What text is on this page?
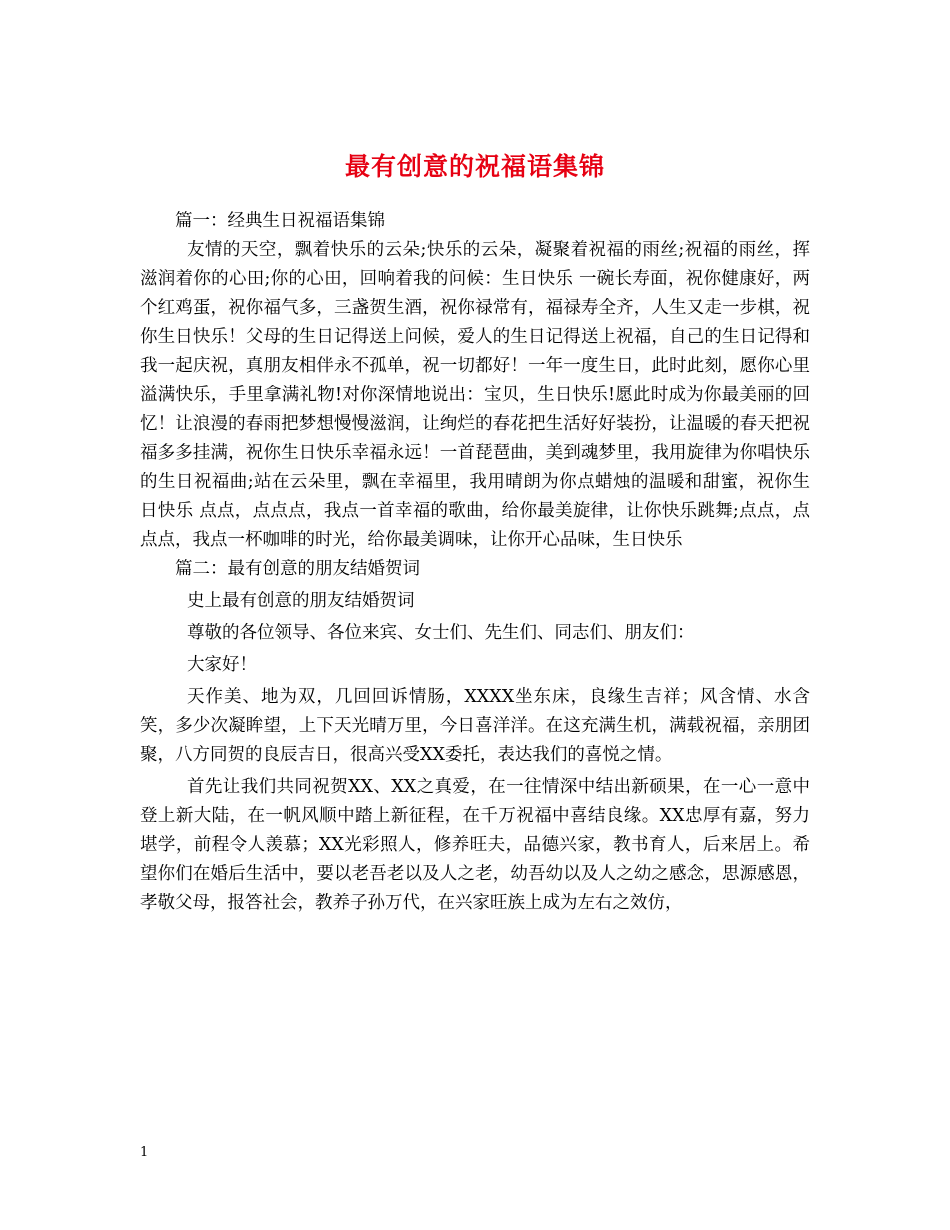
最有创意的祝福语集锦

篇一：经典生日祝福语集锦

友情的天空，飘着快乐的云朵;快乐的云朵，凝聚着祝福的雨丝;祝福的雨丝，挥滋润着你的心田;你的心田，回响着我的问候：生日快乐 一碗长寿面，祝你健康好，两个红鸡蛋，祝你福气多，三盏贺生酒，祝你禄常有，福禄寿全齐，人生又走一步棋，祝你生日快乐！父母的生日记得送上问候，爱人的生日记得送上祝福，自己的生日记得和我一起庆祝，真朋友相伴永不孤单，祝一切都好！一年一度生日，此时此刻，愿你心里溢满快乐，手里拿满礼物!对你深情地说出：宝贝，生日快乐!愿此时成为你最美丽的回忆！让浪漫的春雨把梦想慢慢滋润，让绚烂的春花把生活好好装扮，让温暖的春天把祝福多多挂满，祝你生日快乐幸福永远！一首琵琶曲，美到魂梦里，我用旋律为你唱快乐的生日祝福曲;站在云朵里，飘在幸福里，我用晴朗为你点蜡烛的温暖和甜蜜，祝你生日快乐 点点，点点点，我点一首幸福的歌曲，给你最美旋律，让你快乐跳舞;点点，点点点，我点一杯咖啡的时光，给你最美调味，让你开心品味，生日快乐

篇二：最有创意的朋友结婚贺词

史上最有创意的朋友结婚贺词

尊敬的各位领导、各位来宾、女士们、先生们、同志们、朋友们：

大家好！

天作美、地为双，几回回诉情肠，XXXX坐东床，良缘生吉祥；风含情、水含笑，多少次凝眸望，上下天光晴万里，今日喜洋洋。在这充满生机，满载祝福，亲朋团聚，八方同贺的良辰吉日，很高兴受XX委托，表达我们的喜悦之情。

首先让我们共同祝贺XX、XX之真爱，在一往情深中结出新硕果，在一心一意中登上新大陆，在一帆风顺中踏上新征程，在千万祝福中喜结良缘。XX忠厚有嘉，努力堪学，前程令人羡慕；XX光彩照人，修养旺夫，品德兴家，教书育人，后来居上。希望你们在婚后生活中，要以老吾老以及人之老，幼吾幼以及人之幼之感念，思源感恩，孝敬父母，报答社会，教养子孙万代，在兴家旺族上成为左右之效仿，

1
